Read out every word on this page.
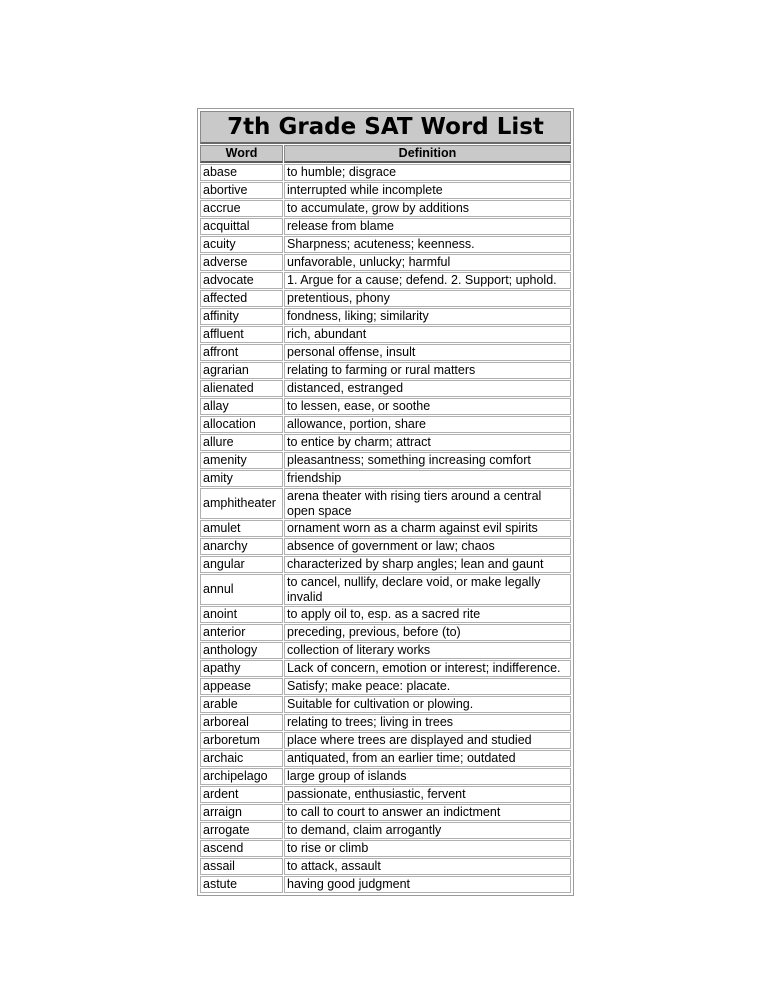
7th Grade SAT Word List	
Word	Definition
abase	to humble; disgrace
abortive	interrupted while incomplete
accrue	to accumulate, grow by additions
acquittal	release from blame
acuity	Sharpness; acuteness; keenness.
adverse	unfavorable, unlucky; harmful
advocate	1. Argue for a cause; defend. 2. Support; uphold.
affected	pretentious, phony
affinity	fondness, liking; similarity
affluent	rich, abundant
affront	personal offense, insult
agrarian	relating to farming or rural matters
alienated	distanced, estranged
allay	to lessen, ease, or soothe
allocation	allowance, portion, share
allure	to entice by charm; attract
amenity	pleasantness; something increasing comfort
amity	friendship
amphitheater	arena theater with rising tiers around a central open space
amulet	ornament worn as a charm against evil spirits
anarchy	absence of government or law; chaos
angular	characterized by sharp angles; lean and gaunt
annul	to cancel, nullify, declare void, or make legally invalid
anoint	to apply oil to, esp. as a sacred rite
anterior	preceding, previous, before (to)
anthology	collection of literary works
apathy	Lack of concern, emotion or interest; indifference.
appease	Satisfy; make peace: placate.
arable	Suitable for cultivation or plowing.
arboreal	relating to trees; living in trees
arboretum	place where trees are displayed and studied
archaic	antiquated, from an earlier time; outdated
archipelago	large group of islands
ardent	passionate, enthusiastic, fervent
arraign	to call to court to answer an indictment
arrogate	to demand, claim arrogantly
ascend	to rise or climb
assail	to attack, assault
astute	having good judgment
